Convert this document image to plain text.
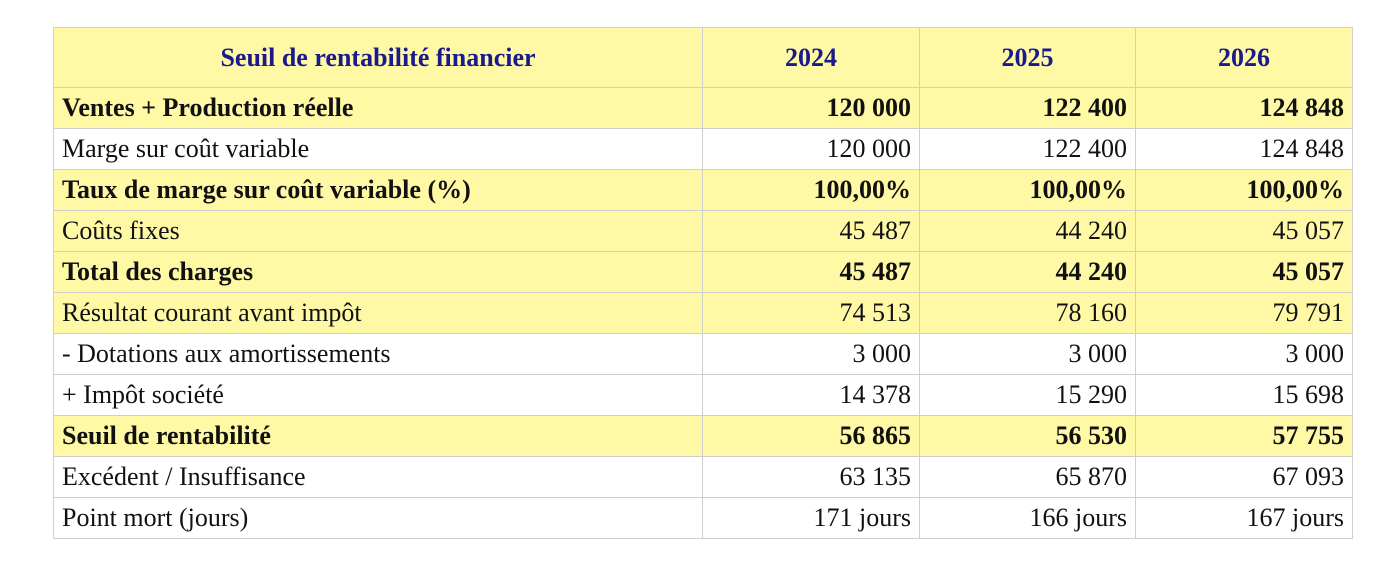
Seuil de rentabilité financier	2024	2025	2026
Ventes + Production réelle	120 000	122 400	124 848
Marge sur coût variable	120 000	122 400	124 848
Taux de marge sur coût variable (%)	100,00%	100,00%	100,00%
Coûts fixes	45 487	44 240	45 057
Total des charges	45 487	44 240	45 057
Résultat courant avant impôt	74 513	78 160	79 791
- Dotations aux amortissements	3 000	3 000	3 000
+ Impôt société	14 378	15 290	15 698
Seuil de rentabilité	56 865	56 530	57 755
Excédent / Insuffisance	63 135	65 870	67 093
Point mort (jours)	171 jours	166 jours	167 jours
